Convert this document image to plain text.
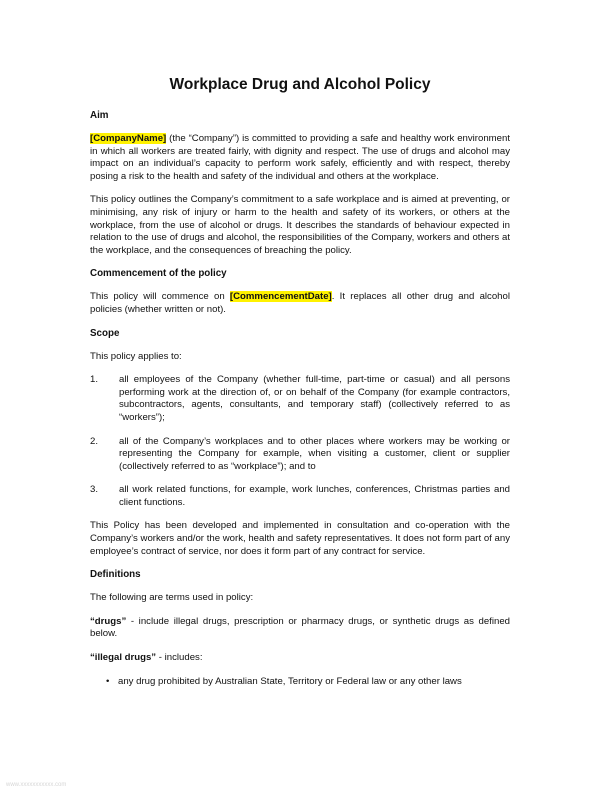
Workplace Drug and Alcohol Policy
Aim

[CompanyName] (the “Company”) is committed to providing a safe and healthy work environment in which all workers are treated fairly, with dignity and respect. The use of drugs and alcohol may impact on an individual’s capacity to perform work safely, efficiently and with respect, thereby posing a risk to the health and safety of the individual and others at the workplace.

This policy outlines the Company’s commitment to a safe workplace and is aimed at preventing, or minimising, any risk of injury or harm to the health and safety of its workers, or others at the workplace, from the use of alcohol or drugs. It describes the standards of behaviour expected in relation to the use of drugs and alcohol, the responsibilities of the Company, workers and others at the workplace, and the consequences of breaching the policy.

Commencement of the policy

This policy will commence on [CommencementDate]. It replaces all other drug and alcohol policies (whether written or not).

Scope

This policy applies to:

1.	all employees of the Company (whether full-time, part-time or casual) and all persons performing work at the direction of, or on behalf of the Company (for example contractors, subcontractors, agents, consultants, and temporary staff) (collectively referred to as “workers”);
2.	all of the Company’s workplaces and to other places where workers may be working or representing the Company for example, when visiting a customer, client or supplier (collectively referred to as “workplace”); and to
3.	all work related functions, for example, work lunches, conferences, Christmas parties and client functions.

This Policy has been developed and implemented in consultation and co-operation with the Company’s workers and/or the work, health and safety representatives. It does not form part of any employee’s contract of service, nor does it form part of any contract for service.

Definitions

The following are terms used in policy:

“drugs” - include illegal drugs, prescription or pharmacy drugs, or synthetic drugs as defined below.

“illegal drugs” - includes:

• any drug prohibited by Australian State, Territory or Federal law or any other laws
www.xxxxxxxxxxx.com
